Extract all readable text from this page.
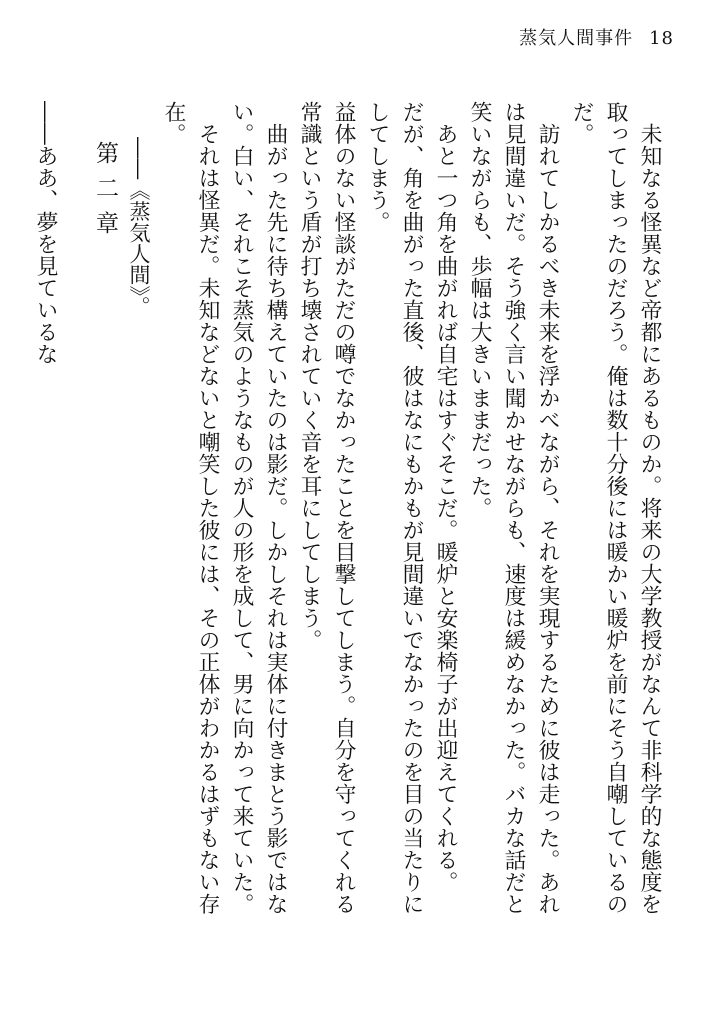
蒸気人間事件 18
　未知なる怪異など帝都にあるものか。将来の大学教授がなんて非科学的な態度を取ってしまったのだろう。俺は数十分後には暖かい暖炉を前にそう自嘲しているのだ。
　訪れてしかるべき未来を浮かべながら、それを実現するために彼は走った。あれは見間違いだ。そう強く言い聞かせながらも、速度は緩めなかった。バカな話だと笑いながらも、歩幅は大きいままだった。
　あと一つ角を曲がれば自宅はすぐそこだ。暖炉と安楽椅子が出迎えてくれる。
だが、角を曲がった直後、彼はなにもかもが見間違いでなかったのを目の当たりにしてしまう。
益体のない怪談がただの噂でなかったことを目撃してしまう。自分を守ってくれる常識という盾が打ち壊されていく音を耳にしてしまう。
　曲がった先に待ち構えていたのは影だ。しかしそれは実体に付きまとう影ではない。白い、それこそ蒸気のようなものが人の形を成して、男に向かって来ていた。
　それは怪異だ。未知などないと嘲笑した彼には、その正体がわかるはずもない存在。
――《蒸気人間》。
第二章
――ああ、夢を見ているな
